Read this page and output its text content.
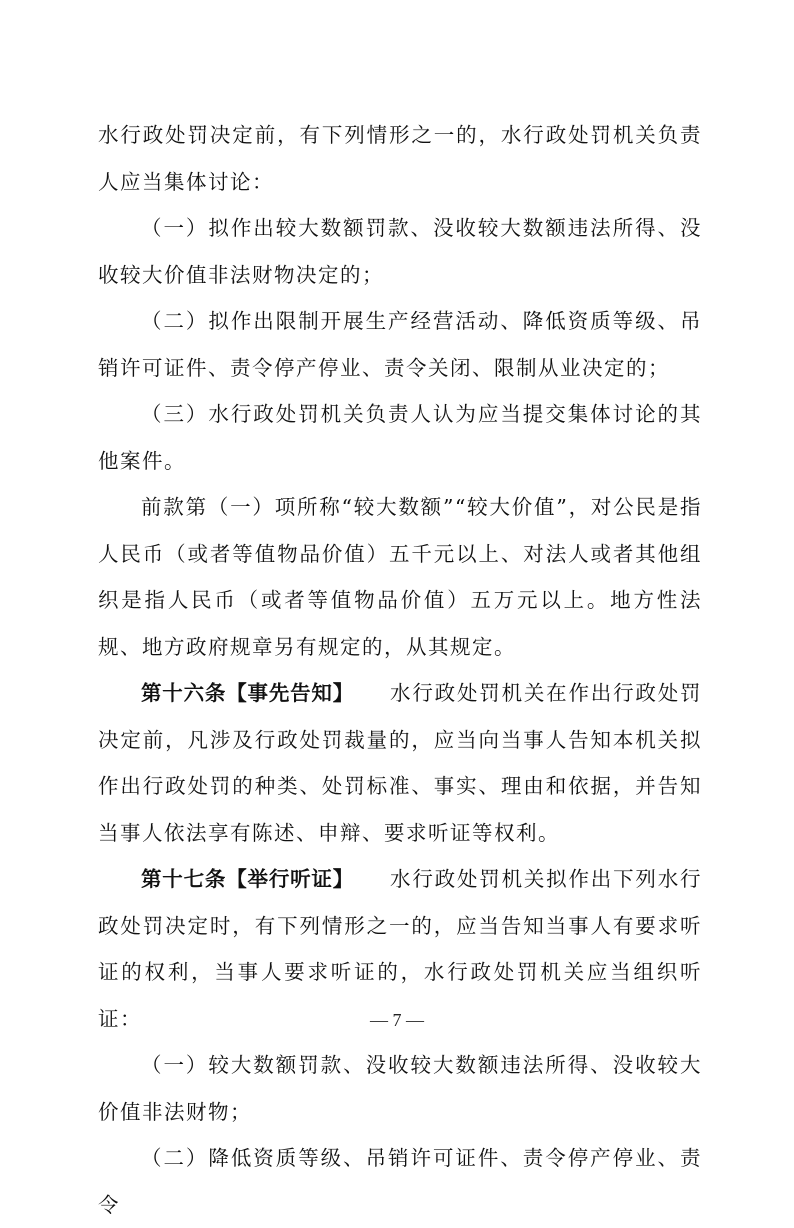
水行政处罚决定前，有下列情形之一的，水行政处罚机关负责人应当集体讨论：

（一）拟作出较大数额罚款、没收较大数额违法所得、没收较大价值非法财物决定的；

（二）拟作出限制开展生产经营活动、降低资质等级、吊销许可证件、责令停产停业、责令关闭、限制从业决定的；

（三）水行政处罚机关负责人认为应当提交集体讨论的其他案件。

前款第（一）项所称“较大数额”“较大价值”，对公民是指人民币（或者等值物品价值）五千元以上、对法人或者其他组织是指人民币（或者等值物品价值）五万元以上。地方性法规、地方政府规章另有规定的，从其规定。

第十六条【事先告知】 水行政处罚机关在作出行政处罚决定前，凡涉及行政处罚裁量的，应当向当事人告知本机关拟作出行政处罚的种类、处罚标准、事实、理由和依据，并告知当事人依法享有陈述、申辩、要求听证等权利。

第十七条【举行听证】 水行政处罚机关拟作出下列水行政处罚决定时，有下列情形之一的，应当告知当事人有要求听证的权利，当事人要求听证的，水行政处罚机关应当组织听证：

（一）较大数额罚款、没收较大数额违法所得、没收较大价值非法财物；

（二）降低资质等级、吊销许可证件、责令停产停业、责令

— 7 —
